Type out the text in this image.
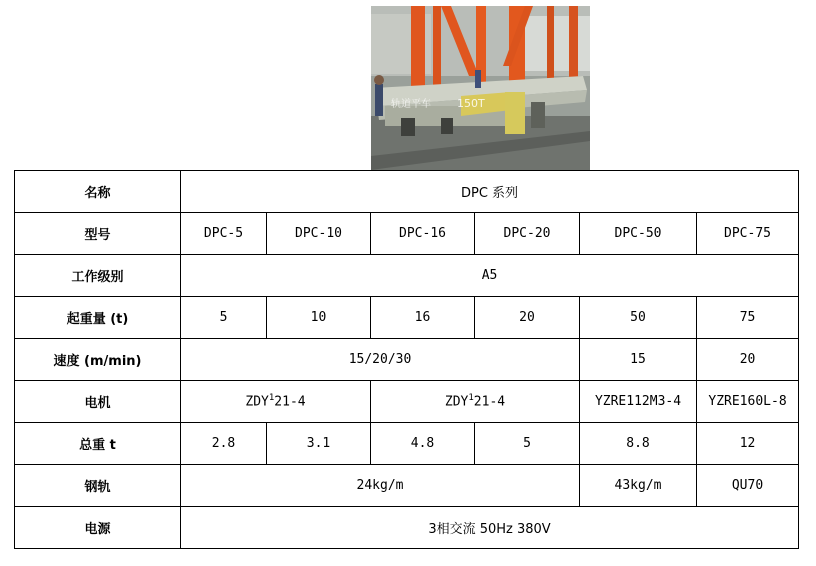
轨道平车 150T
名称	DPC 系列					
型号	DPC-5	DPC-10	DPC-16	DPC-20	DPC-50	DPC-75
工作级别	A5					
起重量 (t)	5	10	16	20	50	75
速度 (m/min)	15/20/30				15	20
电机	ZDY$^1$21-4		ZDY$^1$21-4		YZRE112M3-4	YZRE160L-8
总重 t	2.8	3.1	4.8	5	8.8	12
钢轨	24kg/m				43kg/m	QU70
电源	3相交流 50Hz 380V					
